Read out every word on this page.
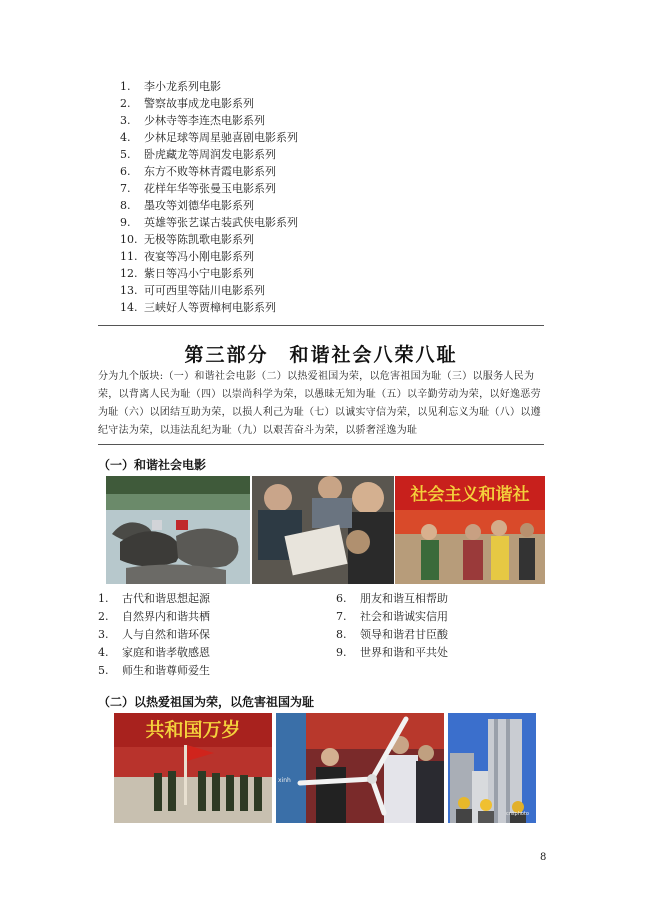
1. 李小龙系列电影
2. 警察故事成龙电影系列
3. 少林寺等李连杰电影系列
4. 少林足球等周星驰喜剧电影系列
5. 卧虎藏龙等周润发电影系列
6. 东方不败等林青霞电影系列
7. 花样年华等张曼玉电影系列
8. 墨攻等刘德华电影系列
9. 英雄等张艺谋古装武侠电影系列
10. 无极等陈凯歌电影系列
11. 夜宴等冯小刚电影系列
12. 紫日等冯小宁电影系列
13. 可可西里等陆川电影系列
14. 三峡好人等贾樟柯电影系列
第三部分　和谐社会八荣八耻
分为九个版块:（一）和谐社会电影（二）以热爱祖国为荣，以危害祖国为耻（三）以服务人民为荣，以背离人民为耻（四）以崇尚科学为荣，以愚昧无知为耻（五）以辛勤劳动为荣，以好逸恶劳为耻（六）以团结互助为荣，以损人利己为耻（七）以诚实守信为荣，以见利忘义为耻（八）以遵纪守法为荣，以违法乱纪为耻（九）以艰苦奋斗为荣，以骄奢淫逸为耻
（一）和谐社会电影
社会主义和谐社
1. 古代和谐思想起源
2. 自然界内和谐共栖
3. 人与自然和谐环保
4. 家庭和谐孝敬感恩
5. 师生和谐尊师爱生
6. 朋友和谐互相帮助
7. 社会和谐诚实信用
8. 领导和谐君甘臣酸
9. 世界和谐和平共处
（二）以热爱祖国为荣，以危害祖国为耻
共和国万岁
xinh
cnsphoto
8
